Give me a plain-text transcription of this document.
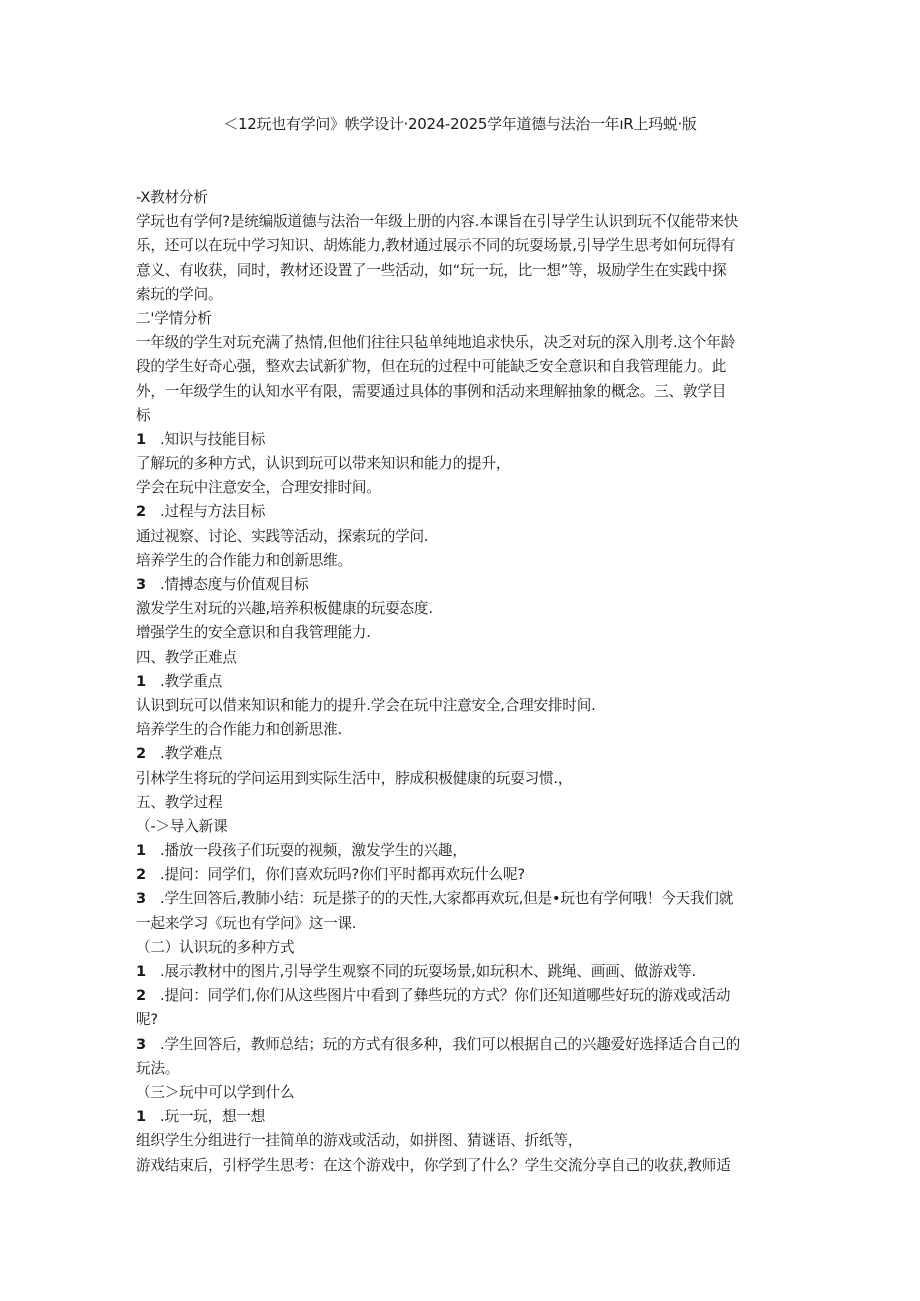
＜12玩也有学问》帙学设计·2024-2025学年道德与法治一年ıR上玛蜕·版
-X教材分析
学玩也有学何?是统编版道德与法治一年级上册的内容.本课旨在引导学生认识到玩不仅能带来快
乐，还可以在玩中学习知识、胡炼能力,教材通过展示不同的玩耍场景,引导学生思考如何玩得有
意义、有收获，同时，教材还设置了一些活动，如“玩一玩，比一想”等，圾励学生在实践中探
索玩的学问。
二'学情分析
一年级的学生对玩充满了热情,但他们往往只毡单纯地追求快乐，决乏对玩的深入刖考.这个年龄
段的学生好奇心强，整欢去试新犷物，但在玩的过程中可能缺乏安全意识和自我管理能力。此
外，一年级学生的认知水平有限，需要通过具体的事例和活动来理解抽象的概念。三、敦学目
标
1 .知识与技能目标
了解玩的多种方式，认识到玩可以带来知识和能力的提升，
学会在玩中注意安全，合理安排时间。
2 .过程与方法目标
通过视察、讨论、实践等活动，探索玩的学问.
培养学生的合作能力和创新思维。
3 .情搏态度与价值观目标
激发学生对玩的兴趣,培养积板健康的玩耍态度.
增强学生的安全意识和自我管理能力.
四、教学正难点
1 .教学重点
认识到玩可以借来知识和能力的提升.学会在玩中注意安全,合理安排时间.
培养学生的合作能力和创新思淮.
2 .教学难点
引林学生将玩的学问运用到实际生活中，脖成积极健康的玩耍习惯.，
五、教学过程
（-＞导入新课
1 .播放一段孩子们玩耍的视频，激发学生的兴趣，
2 .提问：同学们，你们喜欢玩吗?你们平时都再欢玩什么呢?
3 .学生回答后,教肺小结：玩是搽子的的天性,大家都再欢玩,但是•玩也有学何哦！今天我们就
一起来学习《玩也有学问》这一课.
（二）认识玩的多种方式
1 .展示教材中的图片,引导学生观察不同的玩耍场景,如玩积木、跳绳、画画、做游戏等.
2 .提问：同学们,你们从这些图片中看到了彝些玩的方式？你们还知道哪些好玩的游戏或活动
呢?
3 .学生回答后，教师总结；玩的方式有很多种，我们可以根据自己的兴趣爱好选择适合自己的
玩法。
（三＞玩中可以学到什么
1 .玩一玩，想一想
组织学生分组进行一挂简单的游戏或活动，如拼图、猜谜语、折纸等，
游戏结束后，引杼学生思考：在这个游戏中，你学到了什么？学生交流分享自己的收获,教师适
